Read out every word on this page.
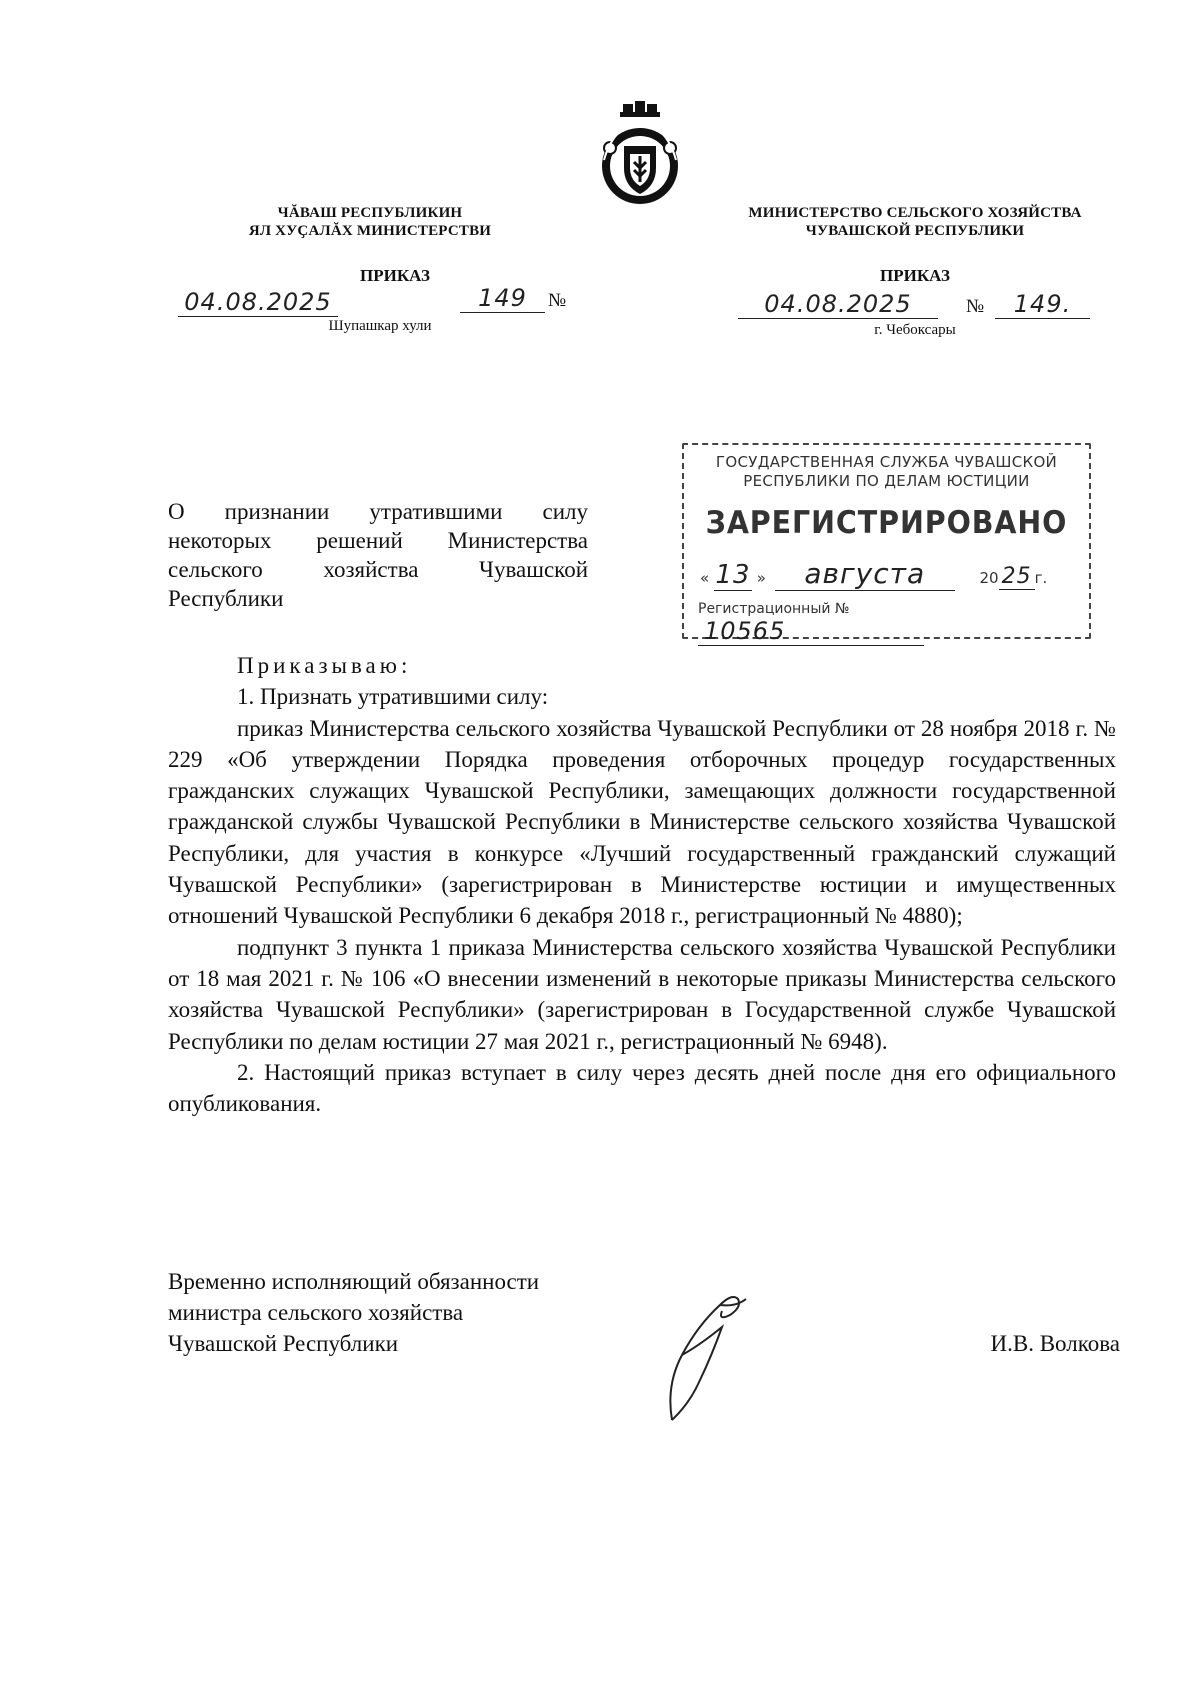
ЧĂВАШ РЕСПУБЛИКИН
ЯЛ ХУҪАЛĂХ МИНИСТЕРСТВИ
ПРИКАЗ
04.08.2025	149	№
Шупашкар хули
МИНИСТЕРСТВО СЕЛЬСКОГО ХОЗЯЙСТВА
ЧУВАШСКОЙ РЕСПУБЛИКИ
ПРИКАЗ
04.08.2025	№	149.
г. Чебоксары
О признании утратившими силу
некоторых решений Министерства
сельского хозяйства Чувашской
Республики
ГОСУДАРСТВЕННАЯ СЛУЖБА ЧУВАШСКОЙ
РЕСПУБЛИКИ ПО ДЕЛАМ ЮСТИЦИИ
ЗАРЕГИСТРИРОВАНО
« 13 » августа	20 25 г.
Регистрационный № 10565

Приказываю:

1. Признать утратившими силу:

приказ Министерства сельского хозяйства Чувашской Республики от 28 ноября 2018 г. № 229 «Об утверждении Порядка проведения отборочных процедур государственных гражданских служащих Чувашской Республики, замещающих должности государственной гражданской службы Чувашской Республики в Министерстве сельского хозяйства Чувашской Республики, для участия в конкурсе «Лучший государственный гражданский служащий Чувашской Республики» (зарегистрирован в Министерстве юстиции и имущественных отношений Чувашской Республики 6 декабря 2018 г., регистрационный № 4880);

подпункт 3 пункта 1 приказа Министерства сельского хозяйства Чувашской Республики от 18 мая 2021 г. № 106 «О внесении изменений в некоторые приказы Министерства сельского хозяйства Чувашской Республики» (зарегистрирован в Государственной службе Чувашской Республики по делам юстиции 27 мая 2021 г., регистрационный № 6948).

2. Настоящий приказ вступает в силу через десять дней после дня его официального опубликования.

Временно исполняющий обязанности
министра сельского хозяйства
Чувашской Республики	И.В. Волкова
